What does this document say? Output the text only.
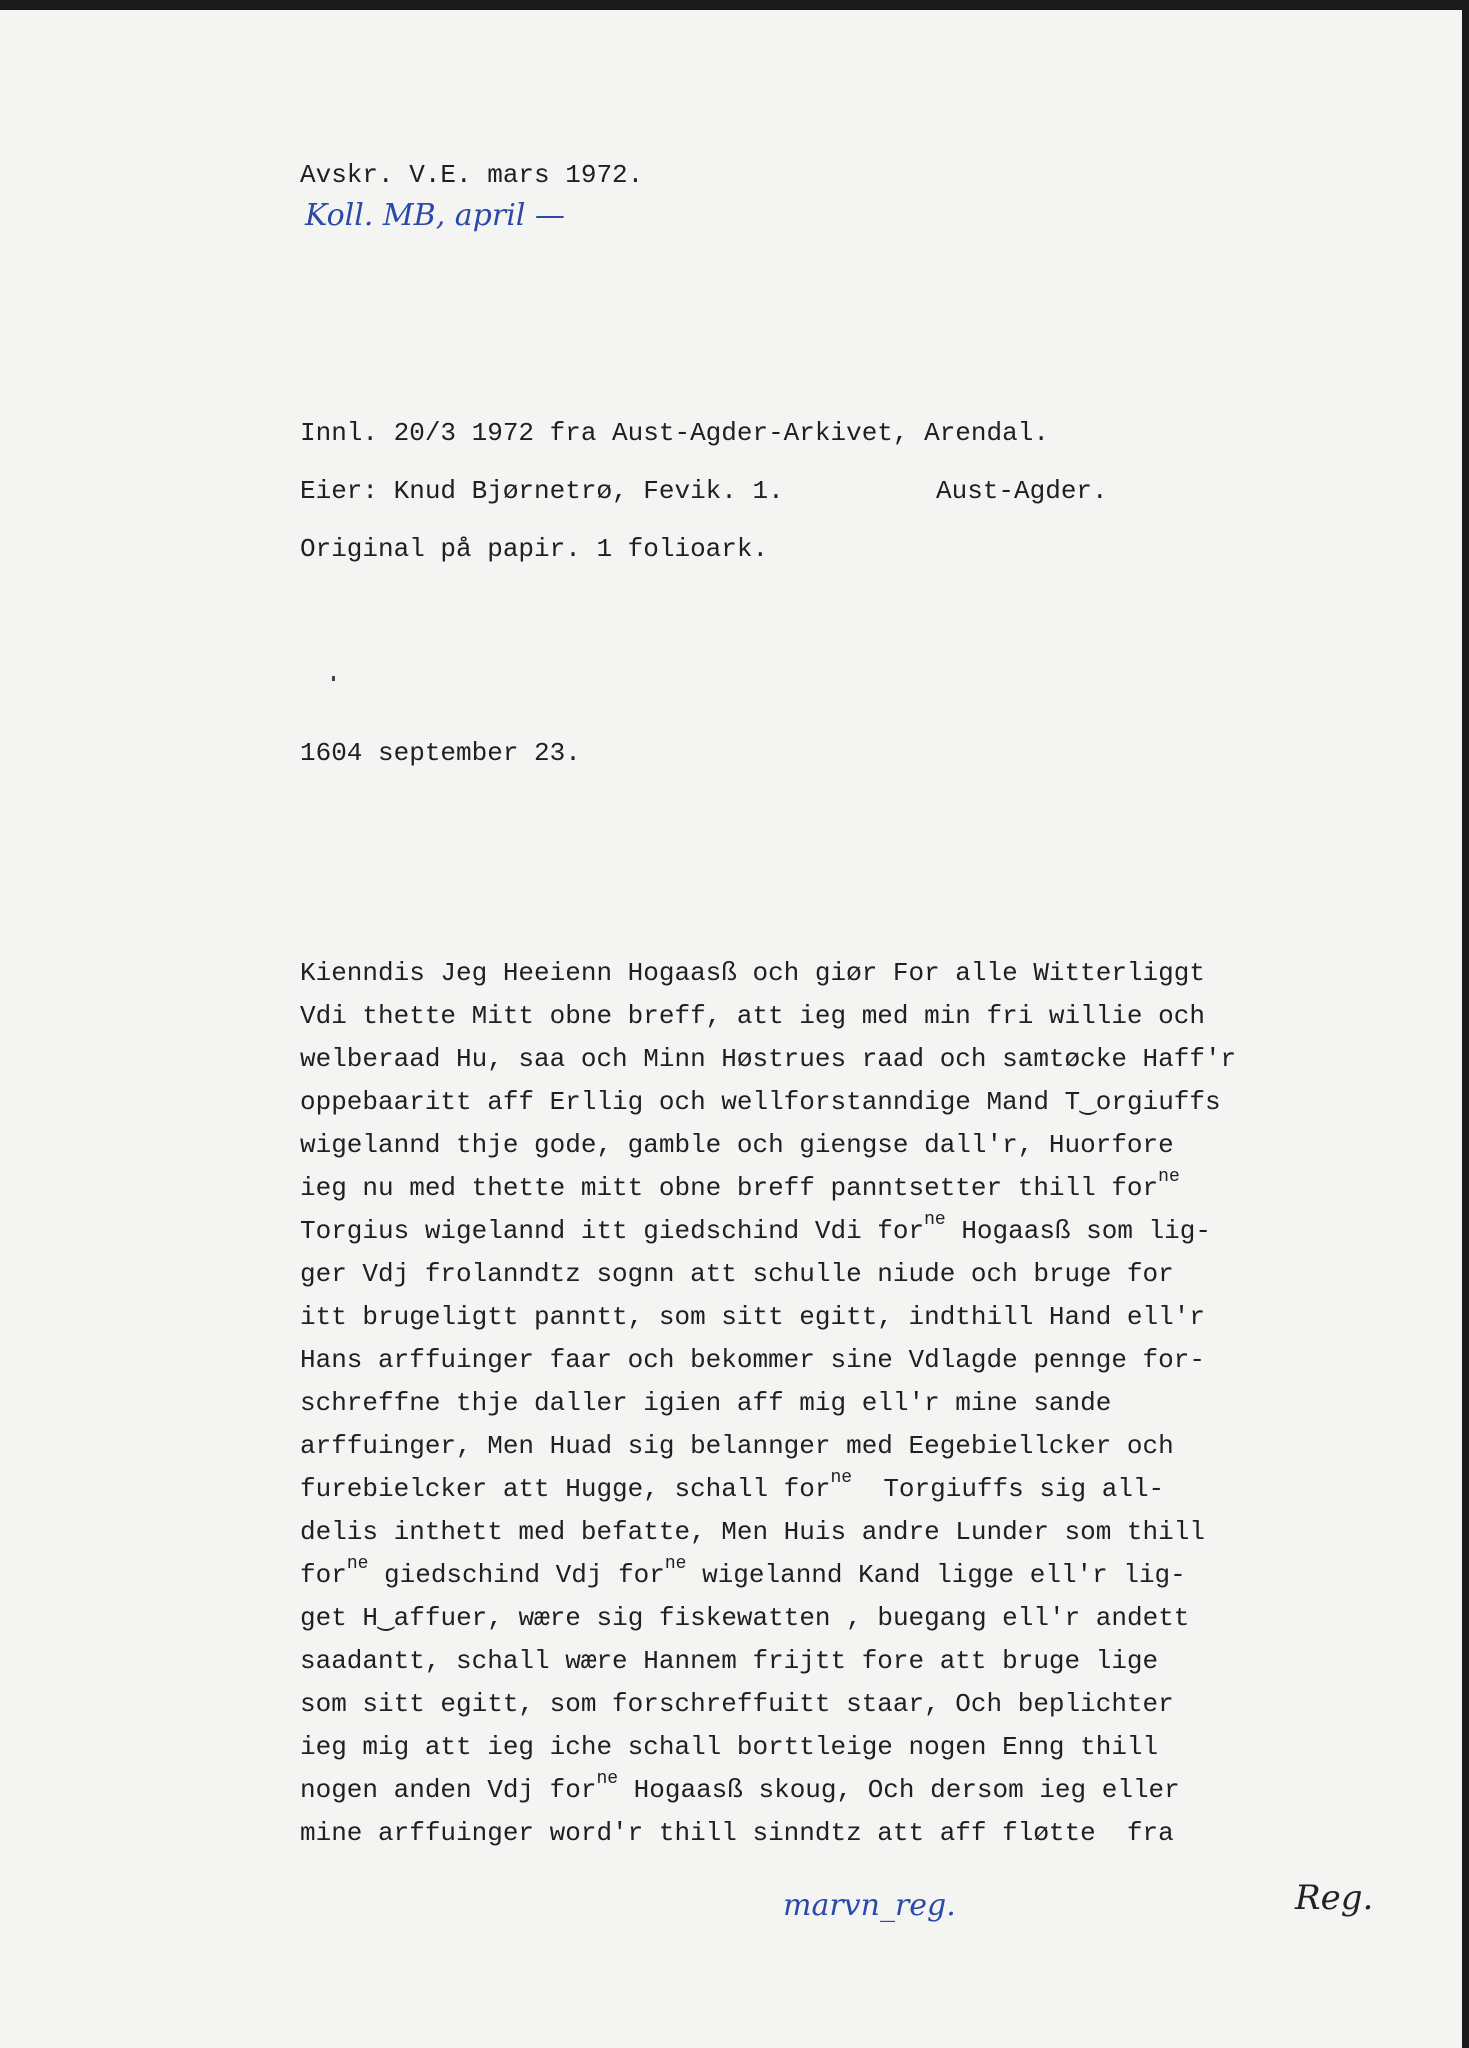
Avskr. V.E. mars 1972.

Koll. MB, april —

Innl. 20/3 1972 fra Aust-Agder-Arkivet, Arendal.

Eier: Knud Bjørnetrø, Fevik. 1.	Aust-Agder.

Original på papir. 1 folioark.

1604 september 23.

Kienndis Jeg Heeienn Hogaasß och giør For alle Witterliggt
Vdi thette Mitt obne breff, att ieg med min fri willie och
welberaad Hu, saa och Minn Høstrues raad och samtøcke Haff'r
oppebaaritt aff Erllig och wellforstanndige Mand T‿orgiuffs
wigelannd thje gode, gamble och giengse dall'r, Huorfore
ieg nu med thette mitt obne breff panntsetter thill for$^{ne}$
Torgius wigelannd itt giedschind Vdi for$^{ne}$ Hogaasß som lig-
ger Vdj frolanndtz sognn att schulle niude och bruge for
itt brugeligtt panntt, som sitt egitt, indthill Hand ell'r
Hans arffuinger faar och bekommer sine Vdlagde pennge for-
schreffne thje daller igien aff mig ell'r mine sande
arffuinger, Men Huad sig belannger med Eegebiellcker och
furebielcker att Hugge, schall for$^{ne}$  Torgiuffs sig all-
delis inthett med befatte, Men Huis andre Lunder som thill
for$^{ne}$ giedschind Vdj for$^{ne}$ wigelannd Kand ligge ell'r lig-
get H‿affuer, wære sig fiskewatten , buegang ell'r andett
saadantt, schall wære Hannem frijtt fore att bruge lige
som sitt egitt, som forschreffuitt staar, Och beplichter
ieg mig att ieg iche schall borttleige nogen Enng thill
nogen anden Vdj for$^{ne}$ Hogaasß skoug, Och dersom ieg eller
mine arffuinger word'r thill sinndtz att aff fløtte  fra

marvn_reg.	Reg.
